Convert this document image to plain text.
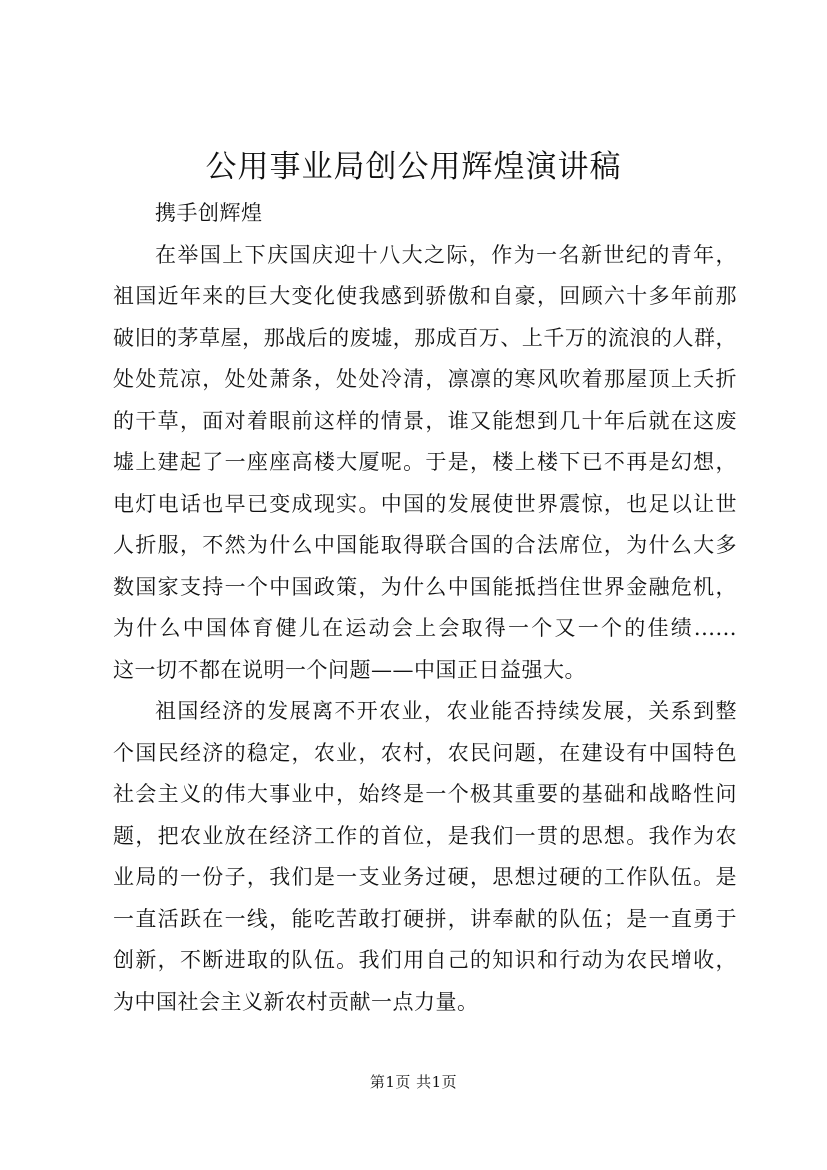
公用事业局创公用辉煌演讲稿
携手创辉煌
在举国上下庆国庆迎十八大之际，作为一名新世纪的青年，
祖国近年来的巨大变化使我感到骄傲和自豪，回顾六十多年前那
破旧的茅草屋，那战后的废墟，那成百万、上千万的流浪的人群，
处处荒凉，处处萧条，处处冷清，凛凛的寒风吹着那屋顶上夭折
的干草，面对着眼前这样的情景，谁又能想到几十年后就在这废
墟上建起了一座座高楼大厦呢。于是，楼上楼下已不再是幻想，
电灯电话也早已变成现实。中国的发展使世界震惊，也足以让世
人折服，不然为什么中国能取得联合国的合法席位，为什么大多
数国家支持一个中国政策，为什么中国能抵挡住世界金融危机，
为什么中国体育健儿在运动会上会取得一个又一个的佳绩......
这一切不都在说明一个问题——中国正日益强大。
祖国经济的发展离不开农业，农业能否持续发展，关系到整
个国民经济的稳定，农业，农村，农民问题，在建设有中国特色
社会主义的伟大事业中，始终是一个极其重要的基础和战略性问
题，把农业放在经济工作的首位，是我们一贯的思想。我作为农
业局的一份子，我们是一支业务过硬，思想过硬的工作队伍。是
一直活跃在一线，能吃苦敢打硬拼，讲奉献的队伍；是一直勇于
创新，不断进取的队伍。我们用自己的知识和行动为农民增收，
为中国社会主义新农村贡献一点力量。
第1页 共1页
